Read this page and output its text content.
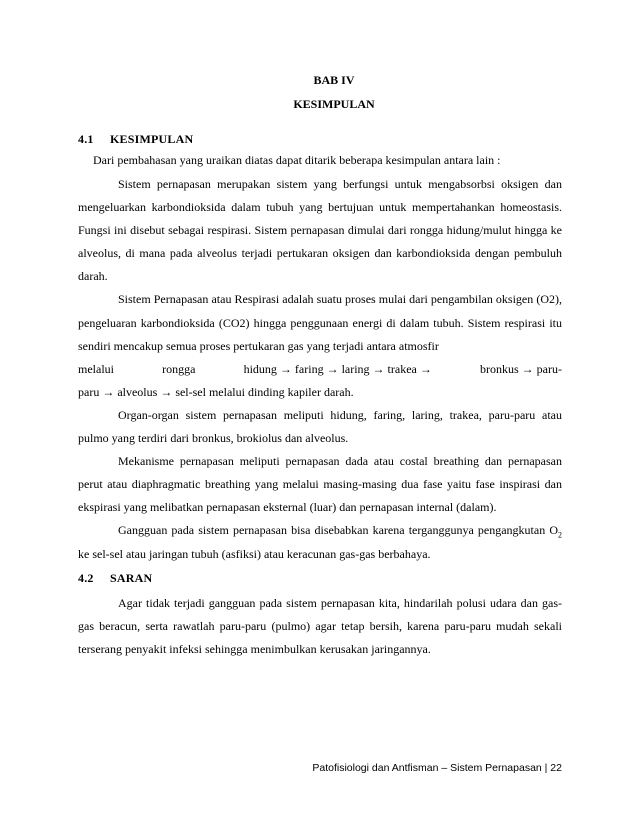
BAB IV
KESIMPULAN
4.1 KESIMPULAN
Dari pembahasan yang uraikan diatas dapat ditarik beberapa kesimpulan antara lain :

Sistem pernapasan merupakan sistem yang berfungsi untuk mengabsorbsi oksigen dan mengeluarkan karbondioksida dalam tubuh yang bertujuan untuk mempertahankan homeostasis. Fungsi ini disebut sebagai respirasi. Sistem pernapasan dimulai dari rongga hidung/mulut hingga ke alveolus, di mana pada alveolus terjadi pertukaran oksigen dan karbondioksida dengan pembuluh darah.

Sistem Pernapasan atau Respirasi adalah suatu proses mulai dari pengambilan oksigen (O2), pengeluaran karbondioksida (CO2) hingga penggunaan energi di dalam tubuh. Sistem respirasi itu sendiri mencakup semua proses pertukaran gas yang terjadi antara atmosfir

melalui	rongga	hidung → faring → laring → trakea →	bronkus → paru-

paru → alveolus → sel-sel melalui dinding kapiler darah.

Organ-organ sistem pernapasan meliputi hidung, faring, laring, trakea, paru-paru atau pulmo yang terdiri dari bronkus, brokiolus dan alveolus.

Mekanisme pernapasan meliputi pernapasan dada atau costal breathing dan pernapasan perut atau diaphragmatic breathing yang melalui masing-masing dua fase yaitu fase inspirasi dan ekspirasi yang melibatkan pernapasan eksternal (luar) dan pernapasan internal (dalam).

Gangguan pada sistem pernapasan bisa disebabkan karena terganggunya pengangkutan $O_2$ ke sel-sel atau jaringan tubuh (asfiksi) atau keracunan gas-gas berbahaya.

4.2 SARAN

Agar tidak terjadi gangguan pada sistem pernapasan kita, hindarilah polusi udara dan gas-gas beracun, serta rawatlah paru-paru (pulmo) agar tetap bersih, karena paru-paru mudah sekali terserang penyakit infeksi sehingga menimbulkan kerusakan jaringannya.

Patofisiologi dan Antfisman – Sistem Pernapasan | 22
